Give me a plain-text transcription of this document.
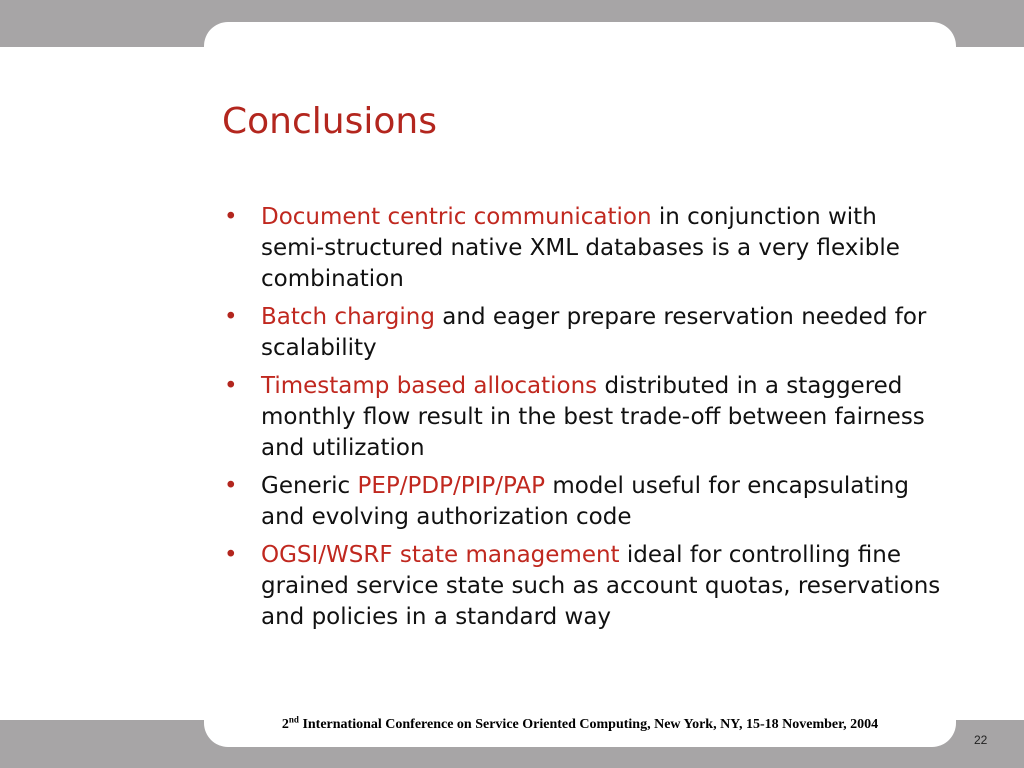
Conclusions
• Document centric communication in conjunction with semi-structured native XML databases is a very flexible combination
• Batch charging and eager prepare reservation needed for scalability
• Timestamp based allocations distributed in a staggered monthly flow result in the best trade-off between fairness and utilization
• Generic PEP/PDP/PIP/PAP model useful for encapsulating and evolving authorization code
• OGSI/WSRF state management ideal for controlling fine grained service state such as account quotas, reservations and policies in a standard way

2nd International Conference on Service Oriented Computing, New York, NY, 15-18 November, 2004

22
